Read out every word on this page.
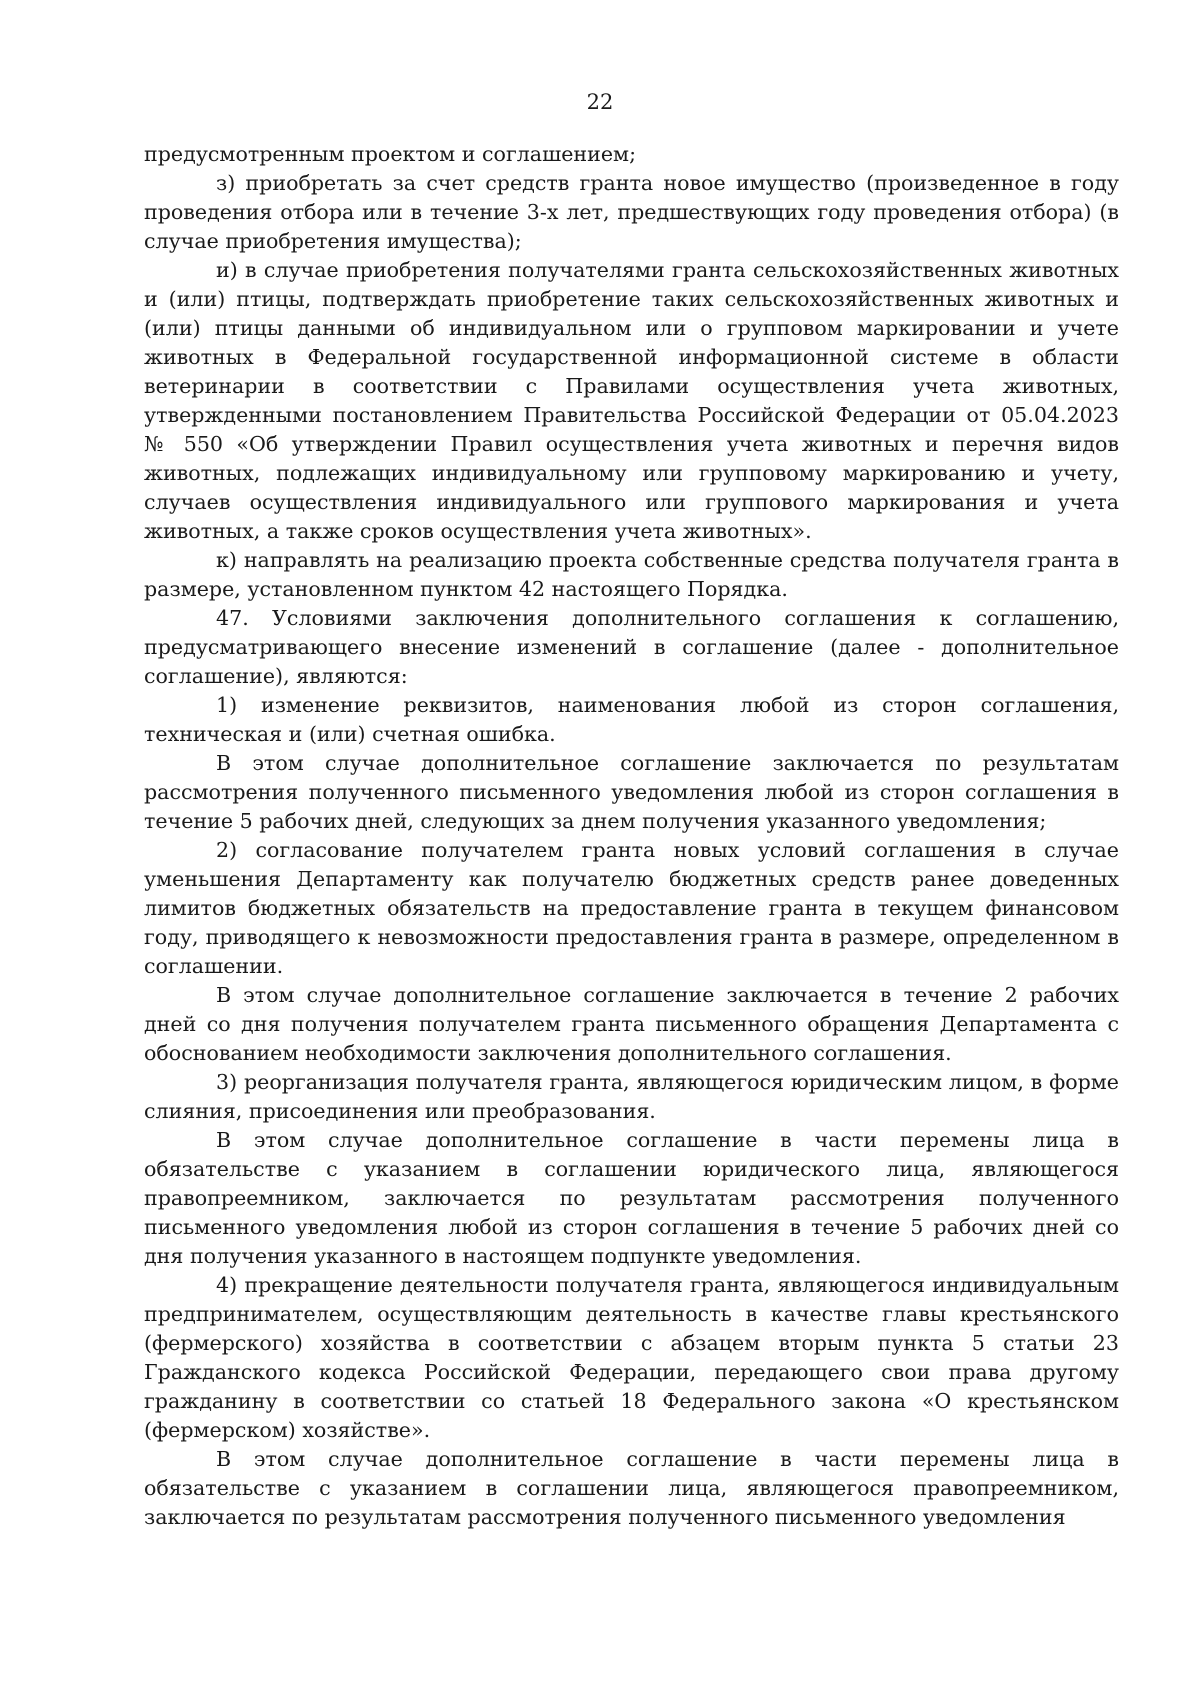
22

предусмотренным проектом и соглашением;

з) приобретать за счет средств гранта новое имущество (произведенное в году проведения отбора или в течение 3-х лет, предшествующих году проведения отбора) (в случае приобретения имущества);

и) в случае приобретения получателями гранта сельскохозяйственных животных и (или) птицы, подтверждать приобретение таких сельскохозяйственных животных и (или) птицы данными об индивидуальном или о групповом маркировании и учете животных в Федеральной государственной информационной системе в области ветеринарии в соответствии с Правилами осуществления учета животных, утвержденными постановлением Правительства Российской Федерации от 05.04.2023 № 550 «Об утверждении Правил осуществления учета животных и перечня видов животных, подлежащих индивидуальному или групповому маркированию и учету, случаев осуществления индивидуального или группового маркирования и учета животных, а также сроков осуществления учета животных».

к) направлять на реализацию проекта собственные средства получателя гранта в размере, установленном пунктом 42 настоящего Порядка.

47. Условиями заключения дополнительного соглашения к соглашению, предусматривающего внесение изменений в соглашение (далее - дополнительное соглашение), являются:

1) изменение реквизитов, наименования любой из сторон соглашения, техническая и (или) счетная ошибка.

В этом случае дополнительное соглашение заключается по результатам рассмотрения полученного письменного уведомления любой из сторон соглашения в течение 5 рабочих дней, следующих за днем получения указанного уведомления;

2) согласование получателем гранта новых условий соглашения в случае уменьшения Департаменту как получателю бюджетных средств ранее доведенных лимитов бюджетных обязательств на предоставление гранта в текущем финансовом году, приводящего к невозможности предоставления гранта в размере, определенном в соглашении.

В этом случае дополнительное соглашение заключается в течение 2 рабочих дней со дня получения получателем гранта письменного обращения Департамента с обоснованием необходимости заключения дополнительного соглашения.

3) реорганизация получателя гранта, являющегося юридическим лицом, в форме слияния, присоединения или преобразования.

В этом случае дополнительное соглашение в части перемены лица в обязательстве с указанием в соглашении юридического лица, являющегося правопреемником, заключается по результатам рассмотрения полученного письменного уведомления любой из сторон соглашения в течение 5 рабочих дней со дня получения указанного в настоящем подпункте уведомления.

4) прекращение деятельности получателя гранта, являющегося индивидуальным предпринимателем, осуществляющим деятельность в качестве главы крестьянского (фермерского) хозяйства в соответствии с абзацем вторым пункта 5 статьи 23 Гражданского кодекса Российской Федерации, передающего свои права другому гражданину в соответствии со статьей 18 Федерального закона «О крестьянском (фермерском) хозяйстве».

В этом случае дополнительное соглашение в части перемены лица в обязательстве с указанием в соглашении лица, являющегося правопреемником, заключается по результатам рассмотрения полученного письменного уведомления
